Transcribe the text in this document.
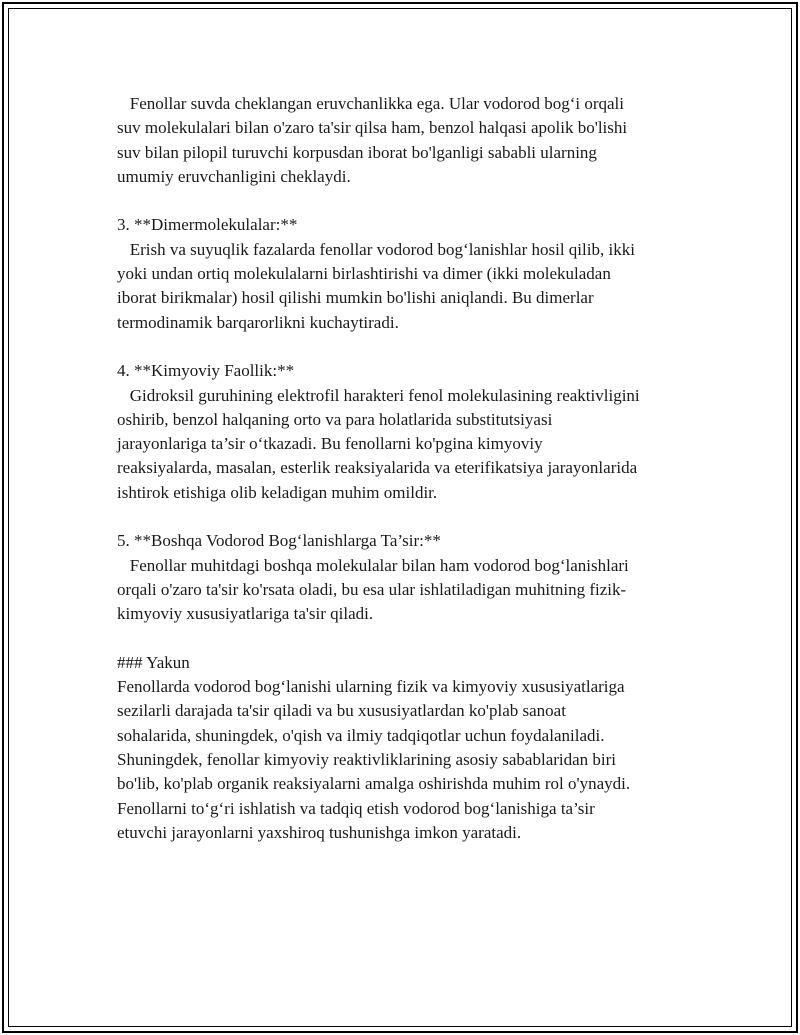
Fenollar suvda cheklangan eruvchanlikka ega. Ular vodorod bog‘i orqali
suv molekulalari bilan o'zaro ta'sir qilsa ham, benzol halqasi apolik bo'lishi
suv bilan pilopil turuvchi korpusdan iborat bo'lganligi sababli ularning
umumiy eruvchanligini cheklaydi.
3. **Dimermolekulalar:**
Erish va suyuqlik fazalarda fenollar vodorod bog‘lanishlar hosil qilib, ikki
yoki undan ortiq molekulalarni birlashtirishi va dimer (ikki molekuladan
iborat birikmalar) hosil qilishi mumkin bo'lishi aniqlandi. Bu dimerlar
termodinamik barqarorlikni kuchaytiradi.
4. **Kimyoviy Faollik:**
Gidroksil guruhining elektrofil harakteri fenol molekulasining reaktivligini
oshirib, benzol halqaning orto va para holatlarida substitutsiyasi
jarayonlariga ta’sir o‘tkazadi. Bu fenollarni ko'pgina kimyoviy
reaksiyalarda, masalan, esterlik reaksiyalarida va eterifikatsiya jarayonlarida
ishtirok etishiga olib keladigan muhim omildir.
5. **Boshqa Vodorod Bog‘lanishlarga Ta’sir:**
Fenollar muhitdagi boshqa molekulalar bilan ham vodorod bog‘lanishlari
orqali o'zaro ta'sir ko'rsata oladi, bu esa ular ishlatiladigan muhitning fizik-
kimyoviy xususiyatlariga ta'sir qiladi.
### Yakun
Fenollarda vodorod bog‘lanishi ularning fizik va kimyoviy xususiyatlariga
sezilarli darajada ta'sir qiladi va bu xususiyatlardan ko'plab sanoat
sohalarida, shuningdek, o'qish va ilmiy tadqiqotlar uchun foydalaniladi.
Shuningdek, fenollar kimyoviy reaktivliklarining asosiy sabablaridan biri
bo'lib, ko'plab organik reaksiyalarni amalga oshirishda muhim rol o'ynaydi.
Fenollarni to‘g‘ri ishlatish va tadqiq etish vodorod bog‘lanishiga ta’sir
etuvchi jarayonlarni yaxshiroq tushunishga imkon yaratadi.
